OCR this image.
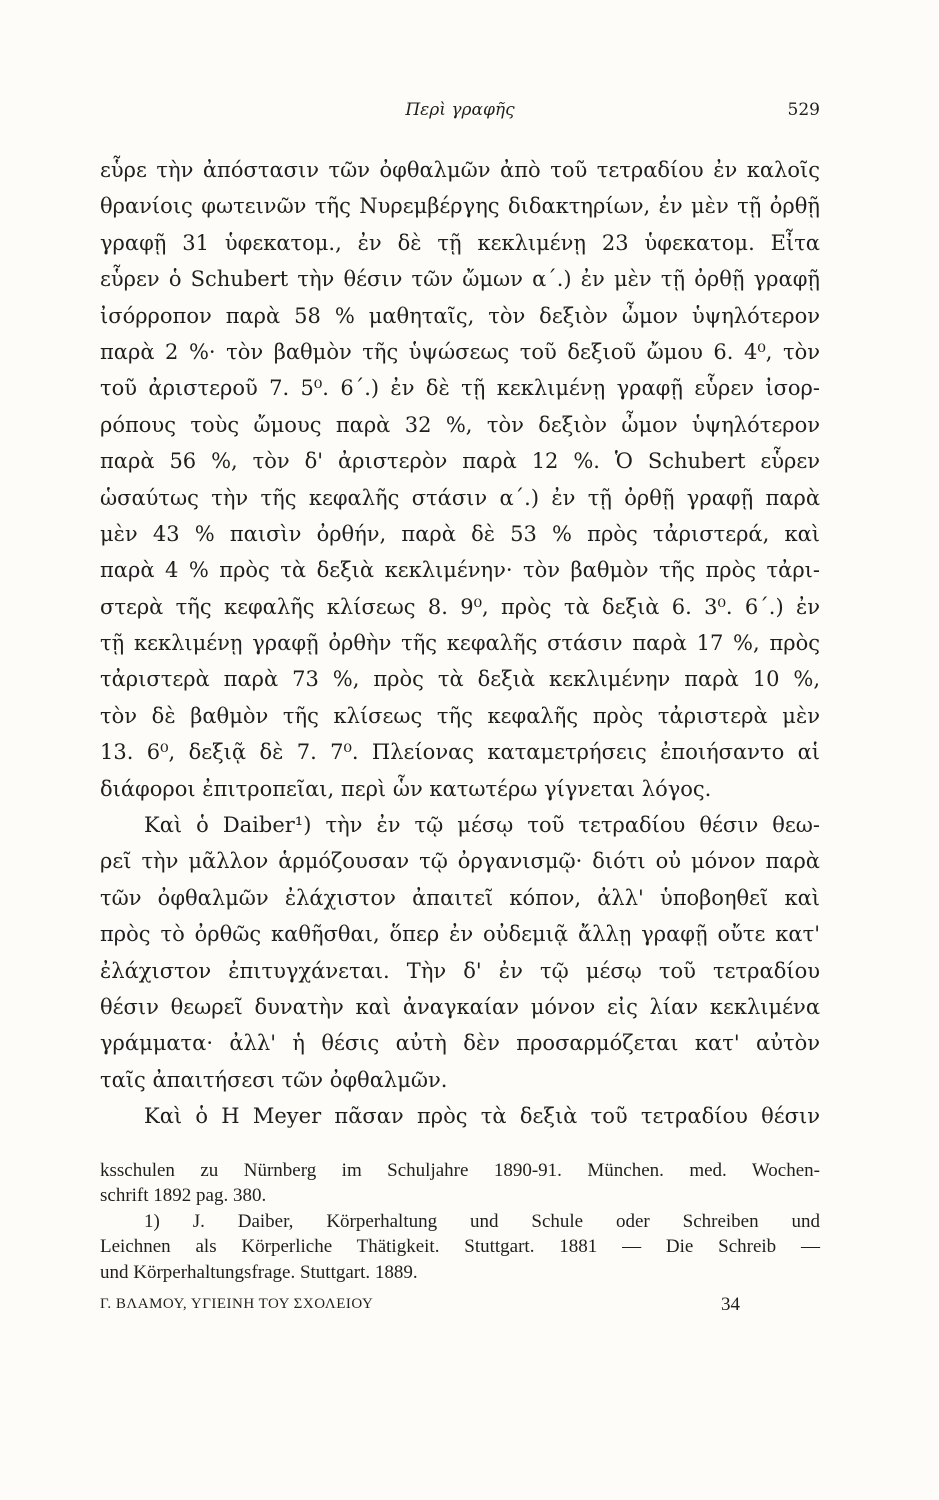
Περὶ γραφῆς	529
εὗρε τὴν ἀπόστασιν τῶν ὀφθαλμῶν ἀπὸ τοῦ τετραδίου ἐν καλοῖς
θρανίοις φωτεινῶν τῆς Νυρεμβέργης διδακτηρίων, ἐν μὲν τῇ ὀρθῇ
γραφῇ 31 ὑφεκατομ., ἐν δὲ τῇ κεκλιμένῃ 23 ὑφεκατομ. Εἶτα
εὗρεν ὁ Schubert τὴν θέσιν τῶν ὤμων α΄.) ἐν μὲν τῇ ὀρθῇ γραφῇ
ἰσόρροπον παρὰ 58 % μαθηταῖς, τὸν δεξιὸν ὦμον ὑψηλότερον
παρὰ 2 %· τὸν βαθμὸν τῆς ὑψώσεως τοῦ δεξιοῦ ὤμου 6. 4⁰, τὸν
τοῦ ἀριστεροῦ 7. 5⁰. 6΄.) ἐν δὲ τῇ κεκλιμένῃ γραφῇ εὗρεν ἰσορ-
ρόπους τοὺς ὤμους παρὰ 32 %, τὸν δεξιὸν ὦμον ὑψηλότερον
παρὰ 56 %, τὸν δ' ἀριστερὸν παρὰ 12 %. Ὁ Schubert εὗρεν
ὡσαύτως τὴν τῆς κεφαλῆς στάσιν α΄.) ἐν τῇ ὀρθῇ γραφῇ παρὰ
μὲν 43 % παισὶν ὀρθήν, παρὰ δὲ 53 % πρὸς τἀριστερά, καὶ
παρὰ 4 % πρὸς τὰ δεξιὰ κεκλιμένην· τὸν βαθμὸν τῆς πρὸς τἀρι-
στερὰ τῆς κεφαλῆς κλίσεως 8. 9⁰, πρὸς τὰ δεξιὰ 6. 3⁰. 6΄.) ἐν
τῇ κεκλιμένῃ γραφῇ ὀρθὴν τῆς κεφαλῆς στάσιν παρὰ 17 %, πρὸς
τἀριστερὰ παρὰ 73 %, πρὸς τὰ δεξιὰ κεκλιμένην παρὰ 10 %,
τὸν δὲ βαθμὸν τῆς κλίσεως τῆς κεφαλῆς πρὸς τἀριστερὰ μὲν
13. 6⁰, δεξιᾷ δὲ 7. 7⁰. Πλείονας καταμετρήσεις ἐποιήσαντο αἱ
διάφοροι ἐπιτροπεῖαι, περὶ ὧν κατωτέρω γίγνεται λόγος.
Καὶ ὁ Daiber¹) τὴν ἐν τῷ μέσῳ τοῦ τετραδίου θέσιν θεω-
ρεῖ τὴν μᾶλλον ἁρμόζουσαν τῷ ὀργανισμῷ· διότι οὐ μόνον παρὰ
τῶν ὀφθαλμῶν ἐλάχιστον ἀπαιτεῖ κόπον, ἀλλ' ὑποβοηθεῖ καὶ
πρὸς τὸ ὀρθῶς καθῆσθαι, ὅπερ ἐν οὐδεμιᾷ ἄλλῃ γραφῇ οὔτε κατ'
ἐλάχιστον ἐπιτυγχάνεται. Τὴν δ' ἐν τῷ μέσῳ τοῦ τετραδίου
θέσιν θεωρεῖ δυνατὴν καὶ ἀναγκαίαν μόνον εἰς λίαν κεκλιμένα
γράμματα· ἀλλ' ἡ θέσις αὐτὴ δὲν προσαρμόζεται κατ' αὐτὸν
ταῖς ἀπαιτήσεσι τῶν ὀφθαλμῶν.
Καὶ ὁ H Meyer πᾶσαν πρὸς τὰ δεξιὰ τοῦ τετραδίου θέσιν
ksschulen zu Nürnberg im Schuljahre 1890-91. München. med. Wochen-
schrift 1892 pag. 380.
1) J. Daiber, Körperhaltung und Schule oder Schreiben und
Leichnen als Körperliche Thätigkeit. Stuttgart. 1881 — Die Schreib —
und Körperhaltungsfrage. Stuttgart. 1889.
Γ. ΒΛΑΜΟΥ, ΥΓΙΕΙΝΗ ΤΟΥ ΣΧΟΛΕΙΟΥ	34
